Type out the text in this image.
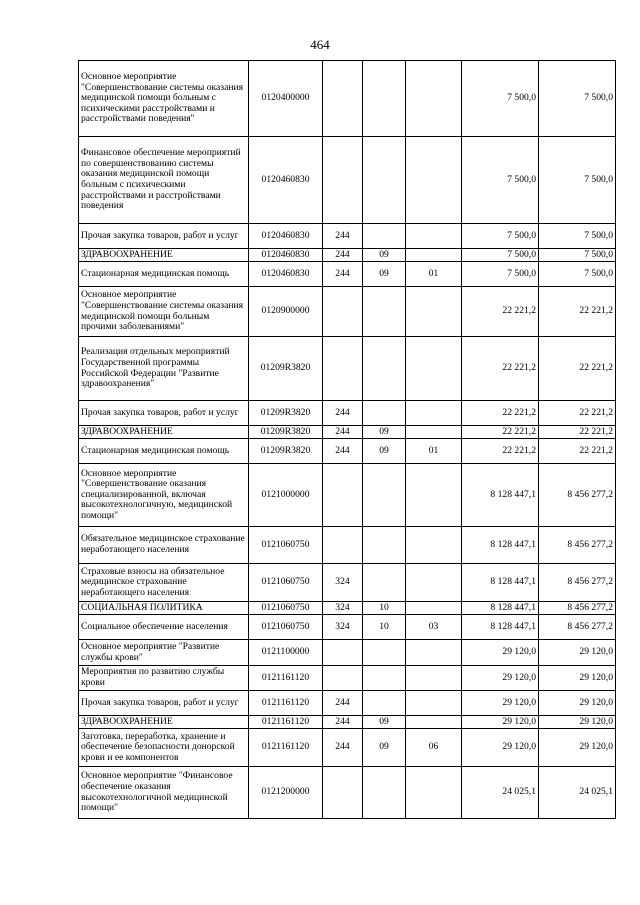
464
Основное мероприятие "Совершенствование системы оказания медицинской помощи больным с психическими расстройствами и расстройствами поведения"	0120400000				7 500,0	7 500,0
Финансовое обеспечение мероприятий по совершенствованию системы оказания медицинской помощи больным с психическими расстройствами и расстройствами поведения	0120460830				7 500,0	7 500,0
Прочая закупка товаров, работ и услуг	0120460830	244			7 500,0	7 500,0
ЗДРАВООХРАНЕНИЕ	0120460830	244	09		7 500,0	7 500,0
Стационарная медицинская помощь	0120460830	244	09	01	7 500,0	7 500,0
Основное мероприятие "Совершенствование системы оказания медицинской помощи больным прочими заболеваниями"	0120900000				22 221,2	22 221,2
Реализация отдельных мероприятий Государственной программы Российской Федерации "Развитие здравоохранения"	01209R3820				22 221,2	22 221,2
Прочая закупка товаров, работ и услуг	01209R3820	244			22 221,2	22 221,2
ЗДРАВООХРАНЕНИЕ	01209R3820	244	09		22 221,2	22 221,2
Стационарная медицинская помощь	01209R3820	244	09	01	22 221,2	22 221,2
Основное мероприятие "Совершенствование оказания специализированной, включая высокотехнологичную, медицинской помощи"	0121000000				8 128 447,1	8 456 277,2
Обязательное медицинское страхование неработающего населения	0121060750				8 128 447,1	8 456 277,2
Страховые взносы на обязательное медицинское страхование неработающего населения	0121060750	324			8 128 447,1	8 456 277,2
СОЦИАЛЬНАЯ ПОЛИТИКА	0121060750	324	10		8 128 447,1	8 456 277,2
Социальное обеспечение населения	0121060750	324	10	03	8 128 447,1	8 456 277,2
Основное мероприятие "Развитие службы крови"	0121100000				29 120,0	29 120,0
Мероприятия по развитию службы крови	0121161120				29 120,0	29 120,0
Прочая закупка товаров, работ и услуг	0121161120	244			29 120,0	29 120,0
ЗДРАВООХРАНЕНИЕ	0121161120	244	09		29 120,0	29 120,0
Заготовка, переработка, хранение и обеспечение безопасности донорской крови и ее компонентов	0121161120	244	09	06	29 120,0	29 120,0
Основное мероприятие "Финансовое обеспечение оказания высокотехнологичной медицинской помощи"	0121200000				24 025,1	24 025,1
